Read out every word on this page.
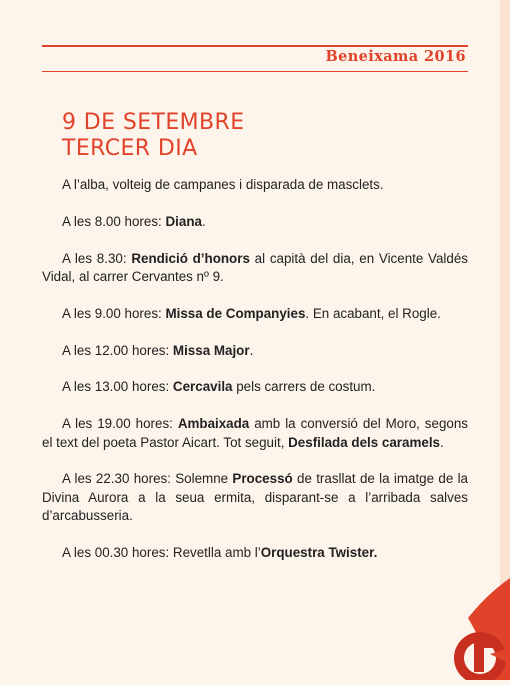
Beneixama 2016
9 DE SETEMBRE
TERCER DIA

A l’alba, volteig de campanes i disparada de masclets.

A les 8.00 hores: Diana.

A les 8.30: Rendició d’honors al capità del dia, en Vicente Valdés Vidal, al carrer Cervantes nº 9.

A les 9.00 hores: Missa de Companyies. En acabant, el Rogle.

A les 12.00 hores: Missa Major.

A les 13.00 hores: Cercavila pels carrers de costum.

A les 19.00 hores: Ambaixada amb la conversió del Moro, segons el text del poeta Pastor Aicart. Tot seguit, Desfilada dels caramels.

A les 22.30 hores: Solemne Processó de trasllat de la imatge de la Divina Aurora a la seua ermita, disparant-se a l’arribada salves d’arcabusseria.

A les 00.30 hores: Revetlla amb l’Orquestra Twister.
